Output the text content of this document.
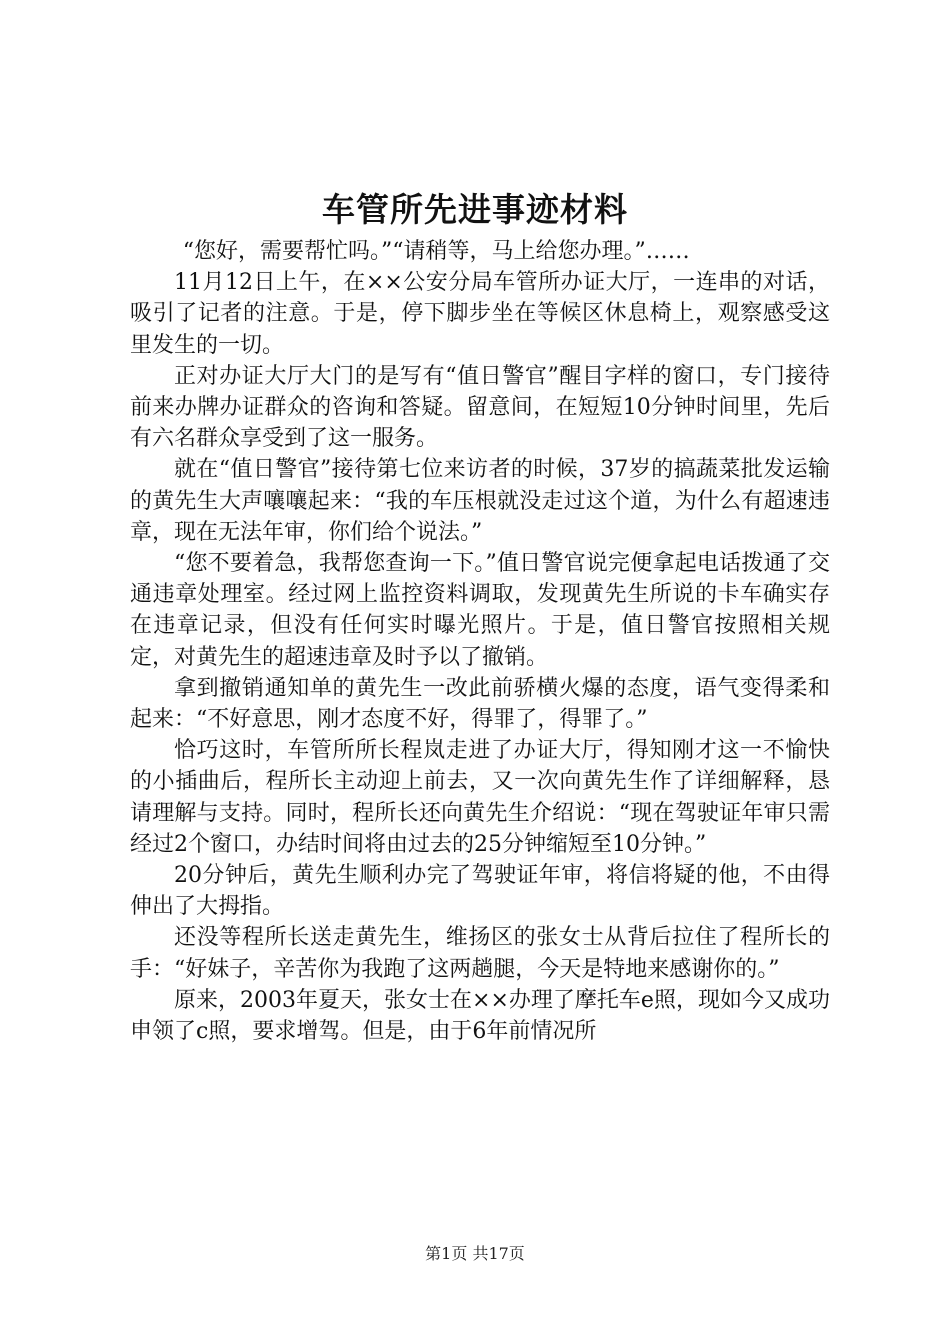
车管所先进事迹材料

“您好，需要帮忙吗。”“请稍等，马上给您办理。”……

11月12日上午，在××公安分局车管所办证大厅，一连串的对话，吸引了记者的注意。于是，停下脚步坐在等候区休息椅上，观察感受这里发生的一切。

正对办证大厅大门的是写有“值日警官”醒目字样的窗口，专门接待前来办牌办证群众的咨询和答疑。留意间，在短短10分钟时间里，先后有六名群众享受到了这一服务。

就在“值日警官”接待第七位来访者的时候，37岁的搞蔬菜批发运输的黄先生大声嚷嚷起来：“我的车压根就没走过这个道，为什么有超速违章，现在无法年审，你们给个说法。”

“您不要着急，我帮您查询一下。”值日警官说完便拿起电话拨通了交通违章处理室。经过网上监控资料调取，发现黄先生所说的卡车确实存在违章记录，但没有任何实时曝光照片。于是，值日警官按照相关规定，对黄先生的超速违章及时予以了撤销。

拿到撤销通知单的黄先生一改此前骄横火爆的态度，语气变得柔和起来：“不好意思，刚才态度不好，得罪了，得罪了。”

恰巧这时，车管所所长程岚走进了办证大厅，得知刚才这一不愉快的小插曲后，程所长主动迎上前去，又一次向黄先生作了详细解释，恳请理解与支持。同时，程所长还向黄先生介绍说：“现在驾驶证年审只需经过2个窗口，办结时间将由过去的25分钟缩短至10分钟。”

20分钟后，黄先生顺利办完了驾驶证年审，将信将疑的他，不由得伸出了大拇指。

还没等程所长送走黄先生，维扬区的张女士从背后拉住了程所长的手：“好妹子，辛苦你为我跑了这两趟腿，今天是特地来感谢你的。”

原来，2003年夏天，张女士在××办理了摩托车e照，现如今又成功申领了c照，要求增驾。但是，由于6年前情况所

第1页 共17页
